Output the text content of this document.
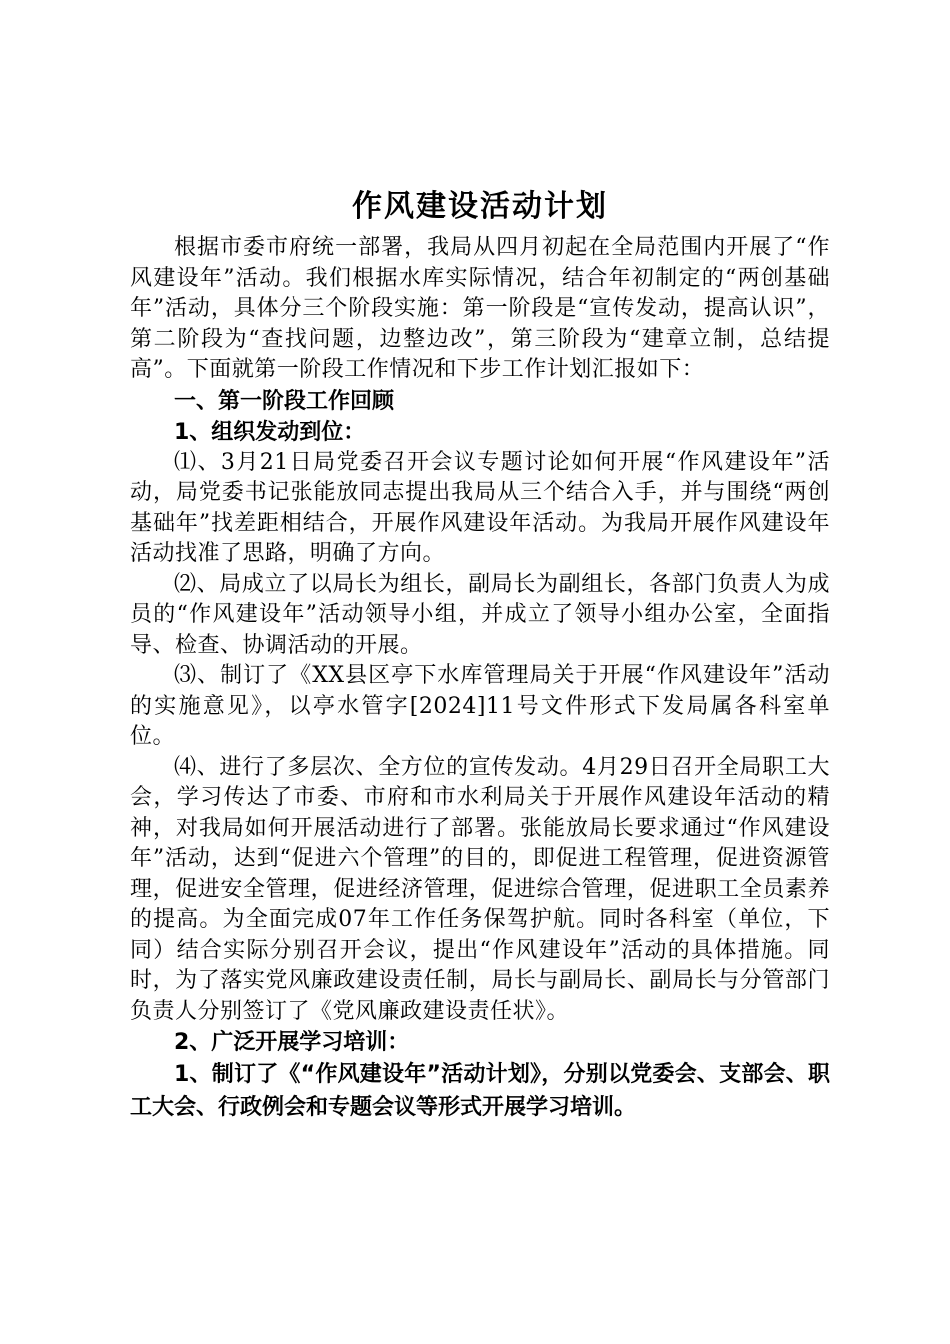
作风建设活动计划

根据市委市府统一部署，我局从四月初起在全局范围内开展了“作风建设年”活动。我们根据水库实际情况，结合年初制定的“两创基础年”活动，具体分三个阶段实施：第一阶段是“宣传发动，提高认识”，第二阶段为“查找问题，边整边改”，第三阶段为“建章立制，总结提高”。下面就第一阶段工作情况和下步工作计划汇报如下：

一、第一阶段工作回顾

1、组织发动到位：

⑴、3月21日局党委召开会议专题讨论如何开展“作风建设年”活动，局党委书记张能放同志提出我局从三个结合入手，并与围绕“两创基础年”找差距相结合，开展作风建设年活动。为我局开展作风建设年活动找准了思路，明确了方向。

⑵、局成立了以局长为组长，副局长为副组长，各部门负责人为成员的“作风建设年”活动领导小组，并成立了领导小组办公室，全面指导、检查、协调活动的开展。

⑶、制订了《XX县区亭下水库管理局关于开展“作风建设年”活动的实施意见》，以亭水管字[2024]11号文件形式下发局属各科室单位。

⑷、进行了多层次、全方位的宣传发动。4月29日召开全局职工大会，学习传达了市委、市府和市水利局关于开展作风建设年活动的精神，对我局如何开展活动进行了部署。张能放局长要求通过“作风建设年”活动，达到“促进六个管理”的目的，即促进工程管理，促进资源管理，促进安全管理，促进经济管理，促进综合管理，促进职工全员素养的提高。为全面完成07年工作任务保驾护航。同时各科室（单位，下同）结合实际分别召开会议，提出“作风建设年”活动的具体措施。同时，为了落实党风廉政建设责任制，局长与副局长、副局长与分管部门负责人分别签订了《党风廉政建设责任状》。

2、广泛开展学习培训：

1、制订了《“作风建设年”活动计划》，分别以党委会、支部会、职工大会、行政例会和专题会议等形式开展学习培训。
